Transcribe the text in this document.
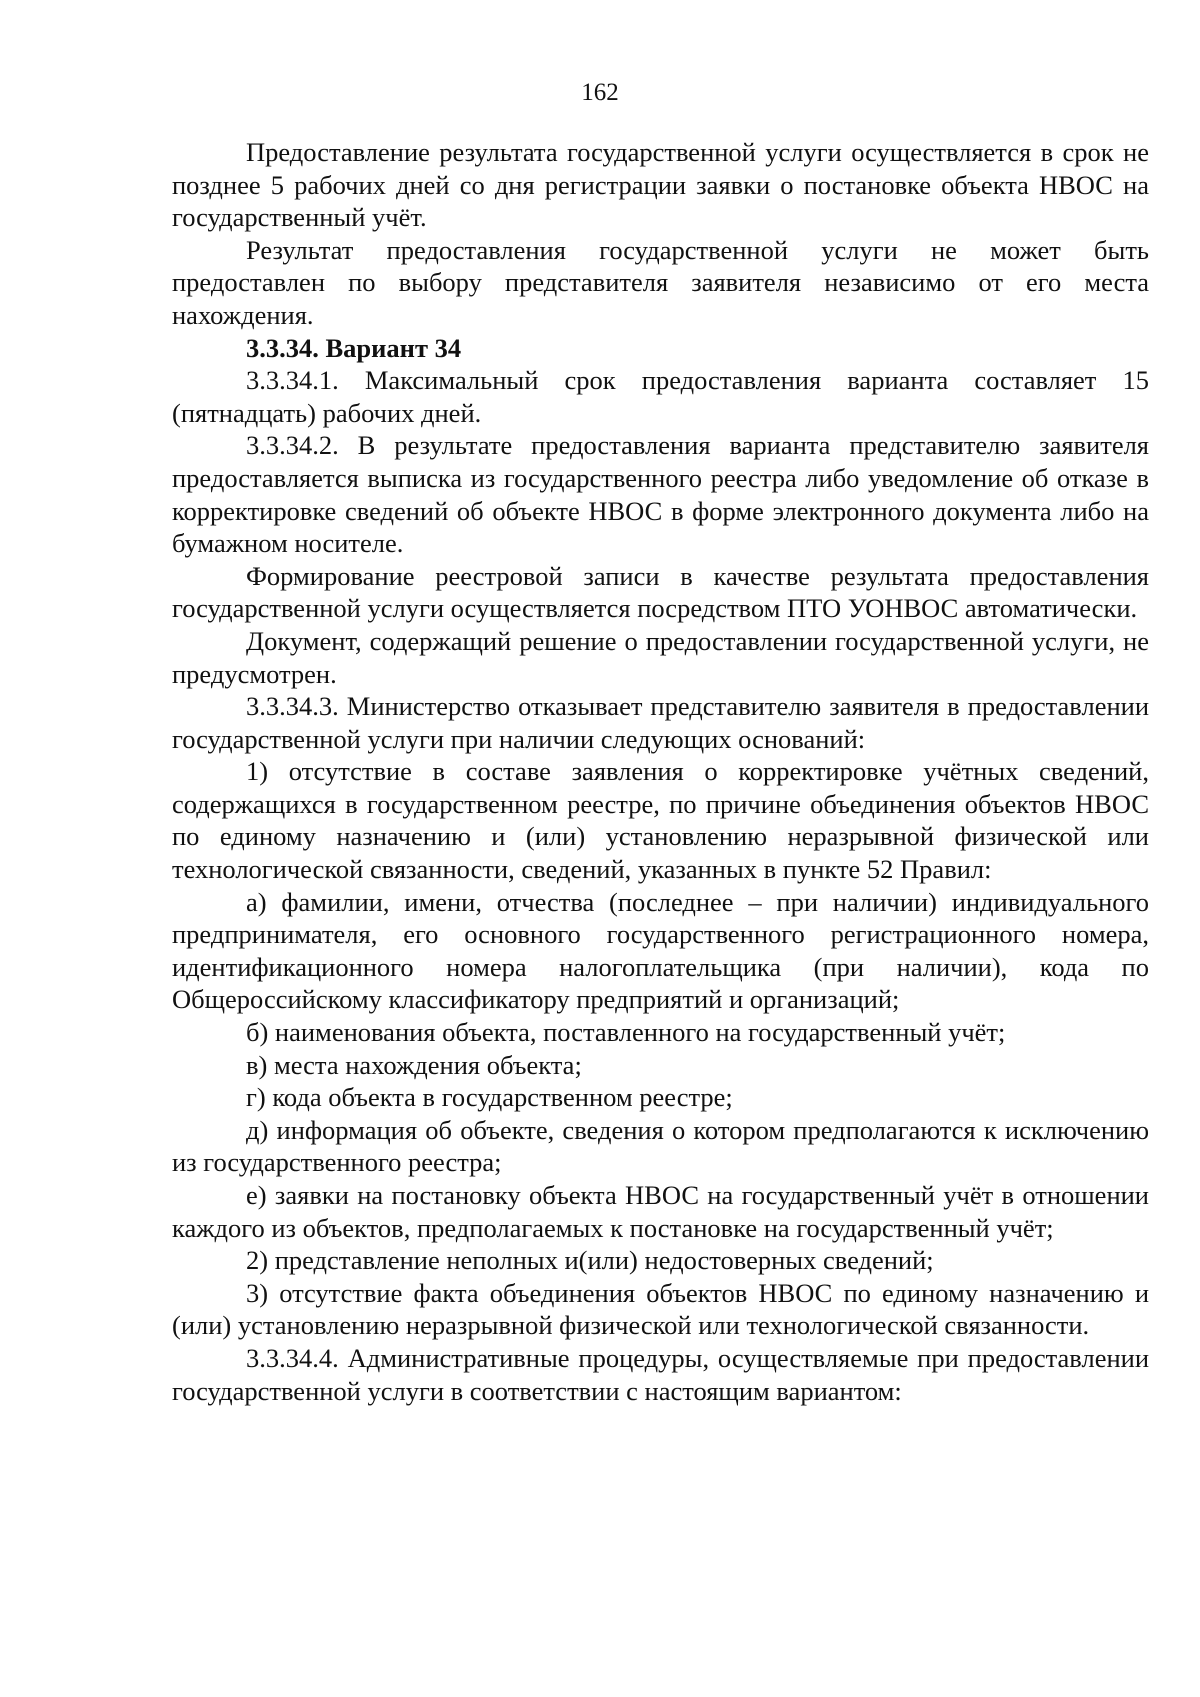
162

Предоставление результата государственной услуги осуществляется в срок не позднее 5 рабочих дней со дня регистрации заявки о постановке объекта НВОС на государственный учёт.

Результат предоставления государственной услуги не может быть предоставлен по выбору представителя заявителя независимо от его места нахождения.

3.3.34. Вариант 34

3.3.34.1. Максимальный срок предоставления варианта составляет 15 (пятнадцать) рабочих дней.

3.3.34.2. В результате предоставления варианта представителю заявителя предоставляется выписка из государственного реестра либо уведомление об отказе в корректировке сведений об объекте НВОС в форме электронного документа либо на бумажном носителе.

Формирование реестровой записи в качестве результата предоставления государственной услуги осуществляется посредством ПТО УОНВОС автоматически.

Документ, содержащий решение о предоставлении государственной услуги, не предусмотрен.

3.3.34.3. Министерство отказывает представителю заявителя в предоставлении государственной услуги при наличии следующих оснований:

1) отсутствие в составе заявления о корректировке учётных сведений, содержащихся в государственном реестре, по причине объединения объектов НВОС по единому назначению и (или) установлению неразрывной физической или технологической связанности, сведений, указанных в пункте 52 Правил:

а) фамилии, имени, отчества (последнее – при наличии) индивидуального предпринимателя, его основного государственного регистрационного номера, идентификационного номера налогоплательщика (при наличии), кода по Общероссийскому классификатору предприятий и организаций;

б) наименования объекта, поставленного на государственный учёт;

в) места нахождения объекта;

г) кода объекта в государственном реестре;

д) информация об объекте, сведения о котором предполагаются к исключению из государственного реестра;

е) заявки на постановку объекта НВОС на государственный учёт в отношении каждого из объектов, предполагаемых к постановке на государственный учёт;

2) представление неполных и(или) недостоверных сведений;

3) отсутствие факта объединения объектов НВОС по единому назначению и (или) установлению неразрывной физической или технологической связанности.

3.3.34.4. Административные процедуры, осуществляемые при предоставлении государственной услуги в соответствии с настоящим вариантом:
